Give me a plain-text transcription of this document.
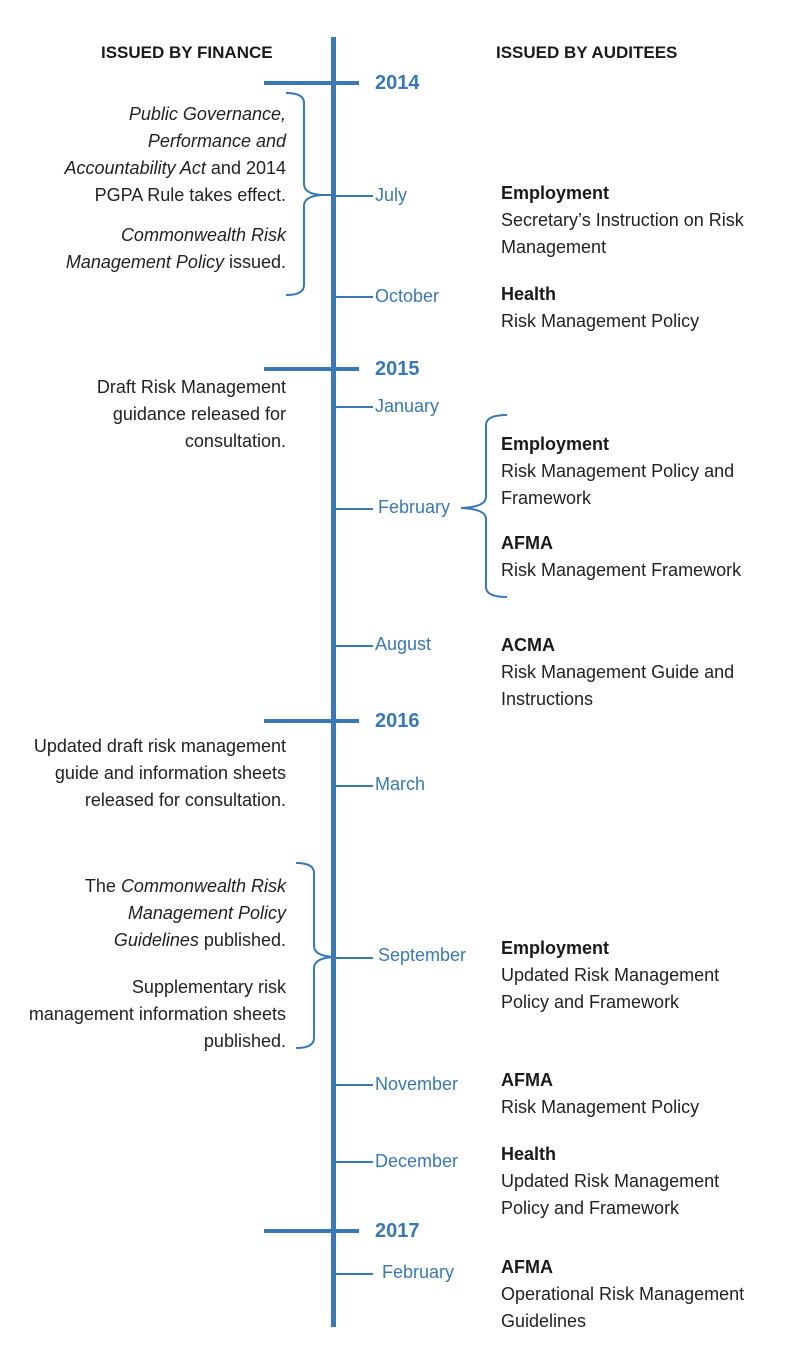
ISSUED BY FINANCE	ISSUED BY AUDITEES
2014
2015
2016
2017
July
October
January
February
August
March
September
November
December
February
Public Governance,
Performance and
Accountability Act and 2014
PGPA Rule takes effect.
Commonwealth Risk
Management Policy issued.
Draft Risk Management guidance released for consultation.
Updated draft risk management guide and information sheets released for consultation.
The Commonwealth Risk Management Policy Guidelines published.
Supplementary risk management information sheets published.
Employment
Secretary’s Instruction on Risk Management
Health
Risk Management Policy
Employment
Risk Management Policy and Framework
AFMA
Risk Management Framework
ACMA
Risk Management Guide and Instructions
Employment
Updated Risk Management Policy and Framework
AFMA
Risk Management Policy
Health
Updated Risk Management Policy and Framework
AFMA
Operational Risk Management Guidelines
